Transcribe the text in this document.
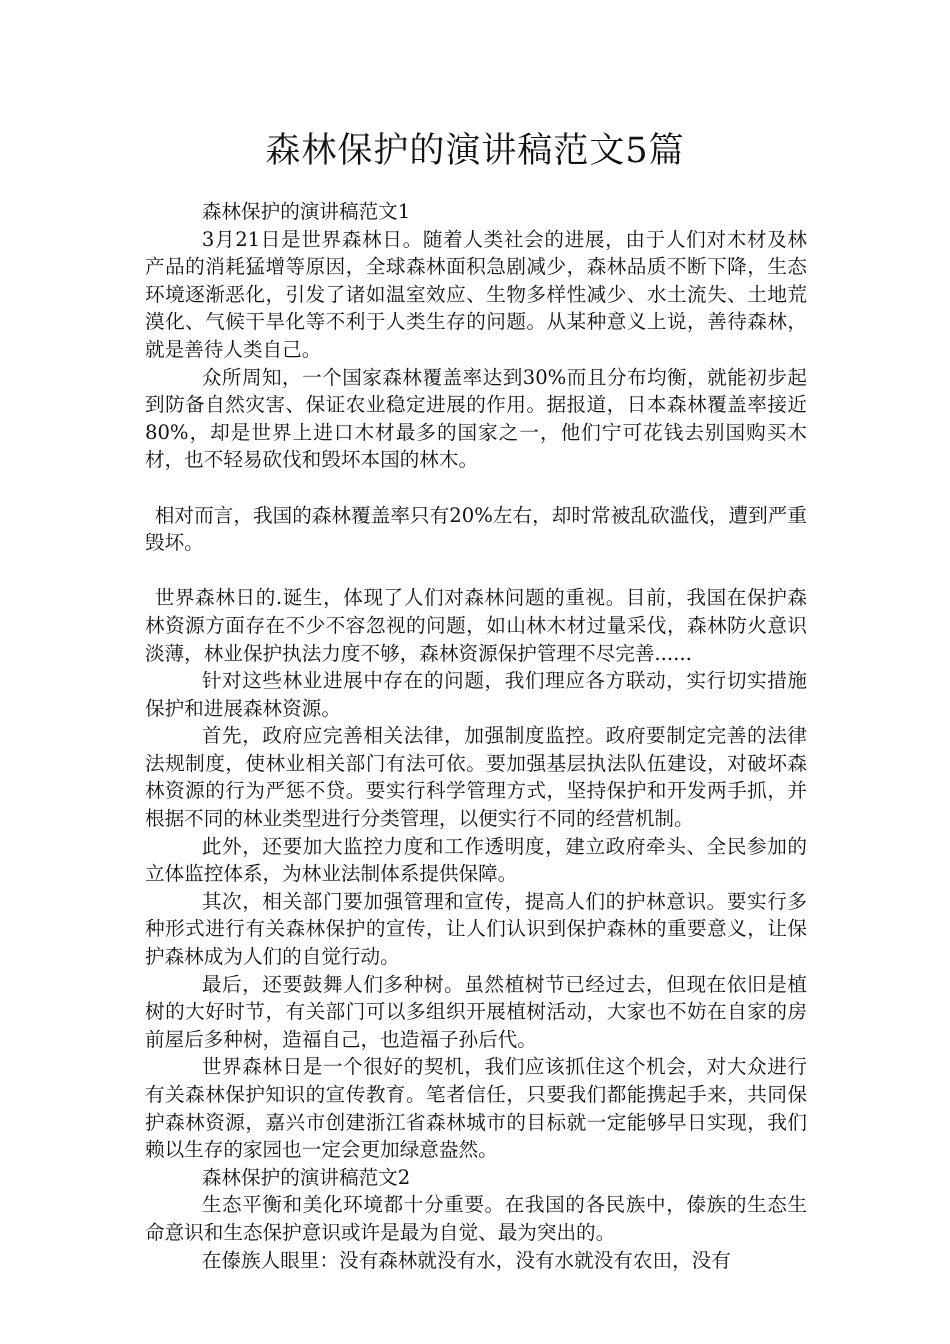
森林保护的演讲稿范文5篇

森林保护的演讲稿范文1

3月21日是世界森林日。随着人类社会的进展，由于人们对木材及林产品的消耗猛增等原因，全球森林面积急剧减少，森林品质不断下降，生态环境逐渐恶化，引发了诸如温室效应、生物多样性减少、水土流失、土地荒漠化、气候干旱化等不利于人类生存的问题。从某种意义上说，善待森林，就是善待人类自己。

众所周知，一个国家森林覆盖率达到30%而且分布均衡，就能初步起到防备自然灾害、保证农业稳定进展的作用。据报道，日本森林覆盖率接近80%，却是世界上进口木材最多的国家之一，他们宁可花钱去别国购买木材，也不轻易砍伐和毁坏本国的林木。

相对而言，我国的森林覆盖率只有20%左右，却时常被乱砍滥伐，遭到严重毁坏。

世界森林日的.诞生，体现了人们对森林问题的重视。目前，我国在保护森林资源方面存在不少不容忽视的问题，如山林木材过量采伐，森林防火意识淡薄，林业保护执法力度不够，森林资源保护管理不尽完善......

针对这些林业进展中存在的问题，我们理应各方联动，实行切实措施保护和进展森林资源。

首先，政府应完善相关法律，加强制度监控。政府要制定完善的法律法规制度，使林业相关部门有法可依。要加强基层执法队伍建设，对破坏森林资源的行为严惩不贷。要实行科学管理方式，坚持保护和开发两手抓，并根据不同的林业类型进行分类管理，以便实行不同的经营机制。

此外，还要加大监控力度和工作透明度，建立政府牵头、全民参加的立体监控体系，为林业法制体系提供保障。

其次，相关部门要加强管理和宣传，提高人们的护林意识。要实行多种形式进行有关森林保护的宣传，让人们认识到保护森林的重要意义，让保护森林成为人们的自觉行动。

最后，还要鼓舞人们多种树。虽然植树节已经过去，但现在依旧是植树的大好时节，有关部门可以多组织开展植树活动，大家也不妨在自家的房前屋后多种树，造福自己，也造福子孙后代。

世界森林日是一个很好的契机，我们应该抓住这个机会，对大众进行有关森林保护知识的宣传教育。笔者信任，只要我们都能携起手来，共同保护森林资源，嘉兴市创建浙江省森林城市的目标就一定能够早日实现，我们赖以生存的家园也一定会更加绿意盎然。

森林保护的演讲稿范文2

生态平衡和美化环境都十分重要。在我国的各民族中，傣族的生态生命意识和生态保护意识或许是最为自觉、最为突出的。

在傣族人眼里：没有森林就没有水，没有水就没有农田，没有
